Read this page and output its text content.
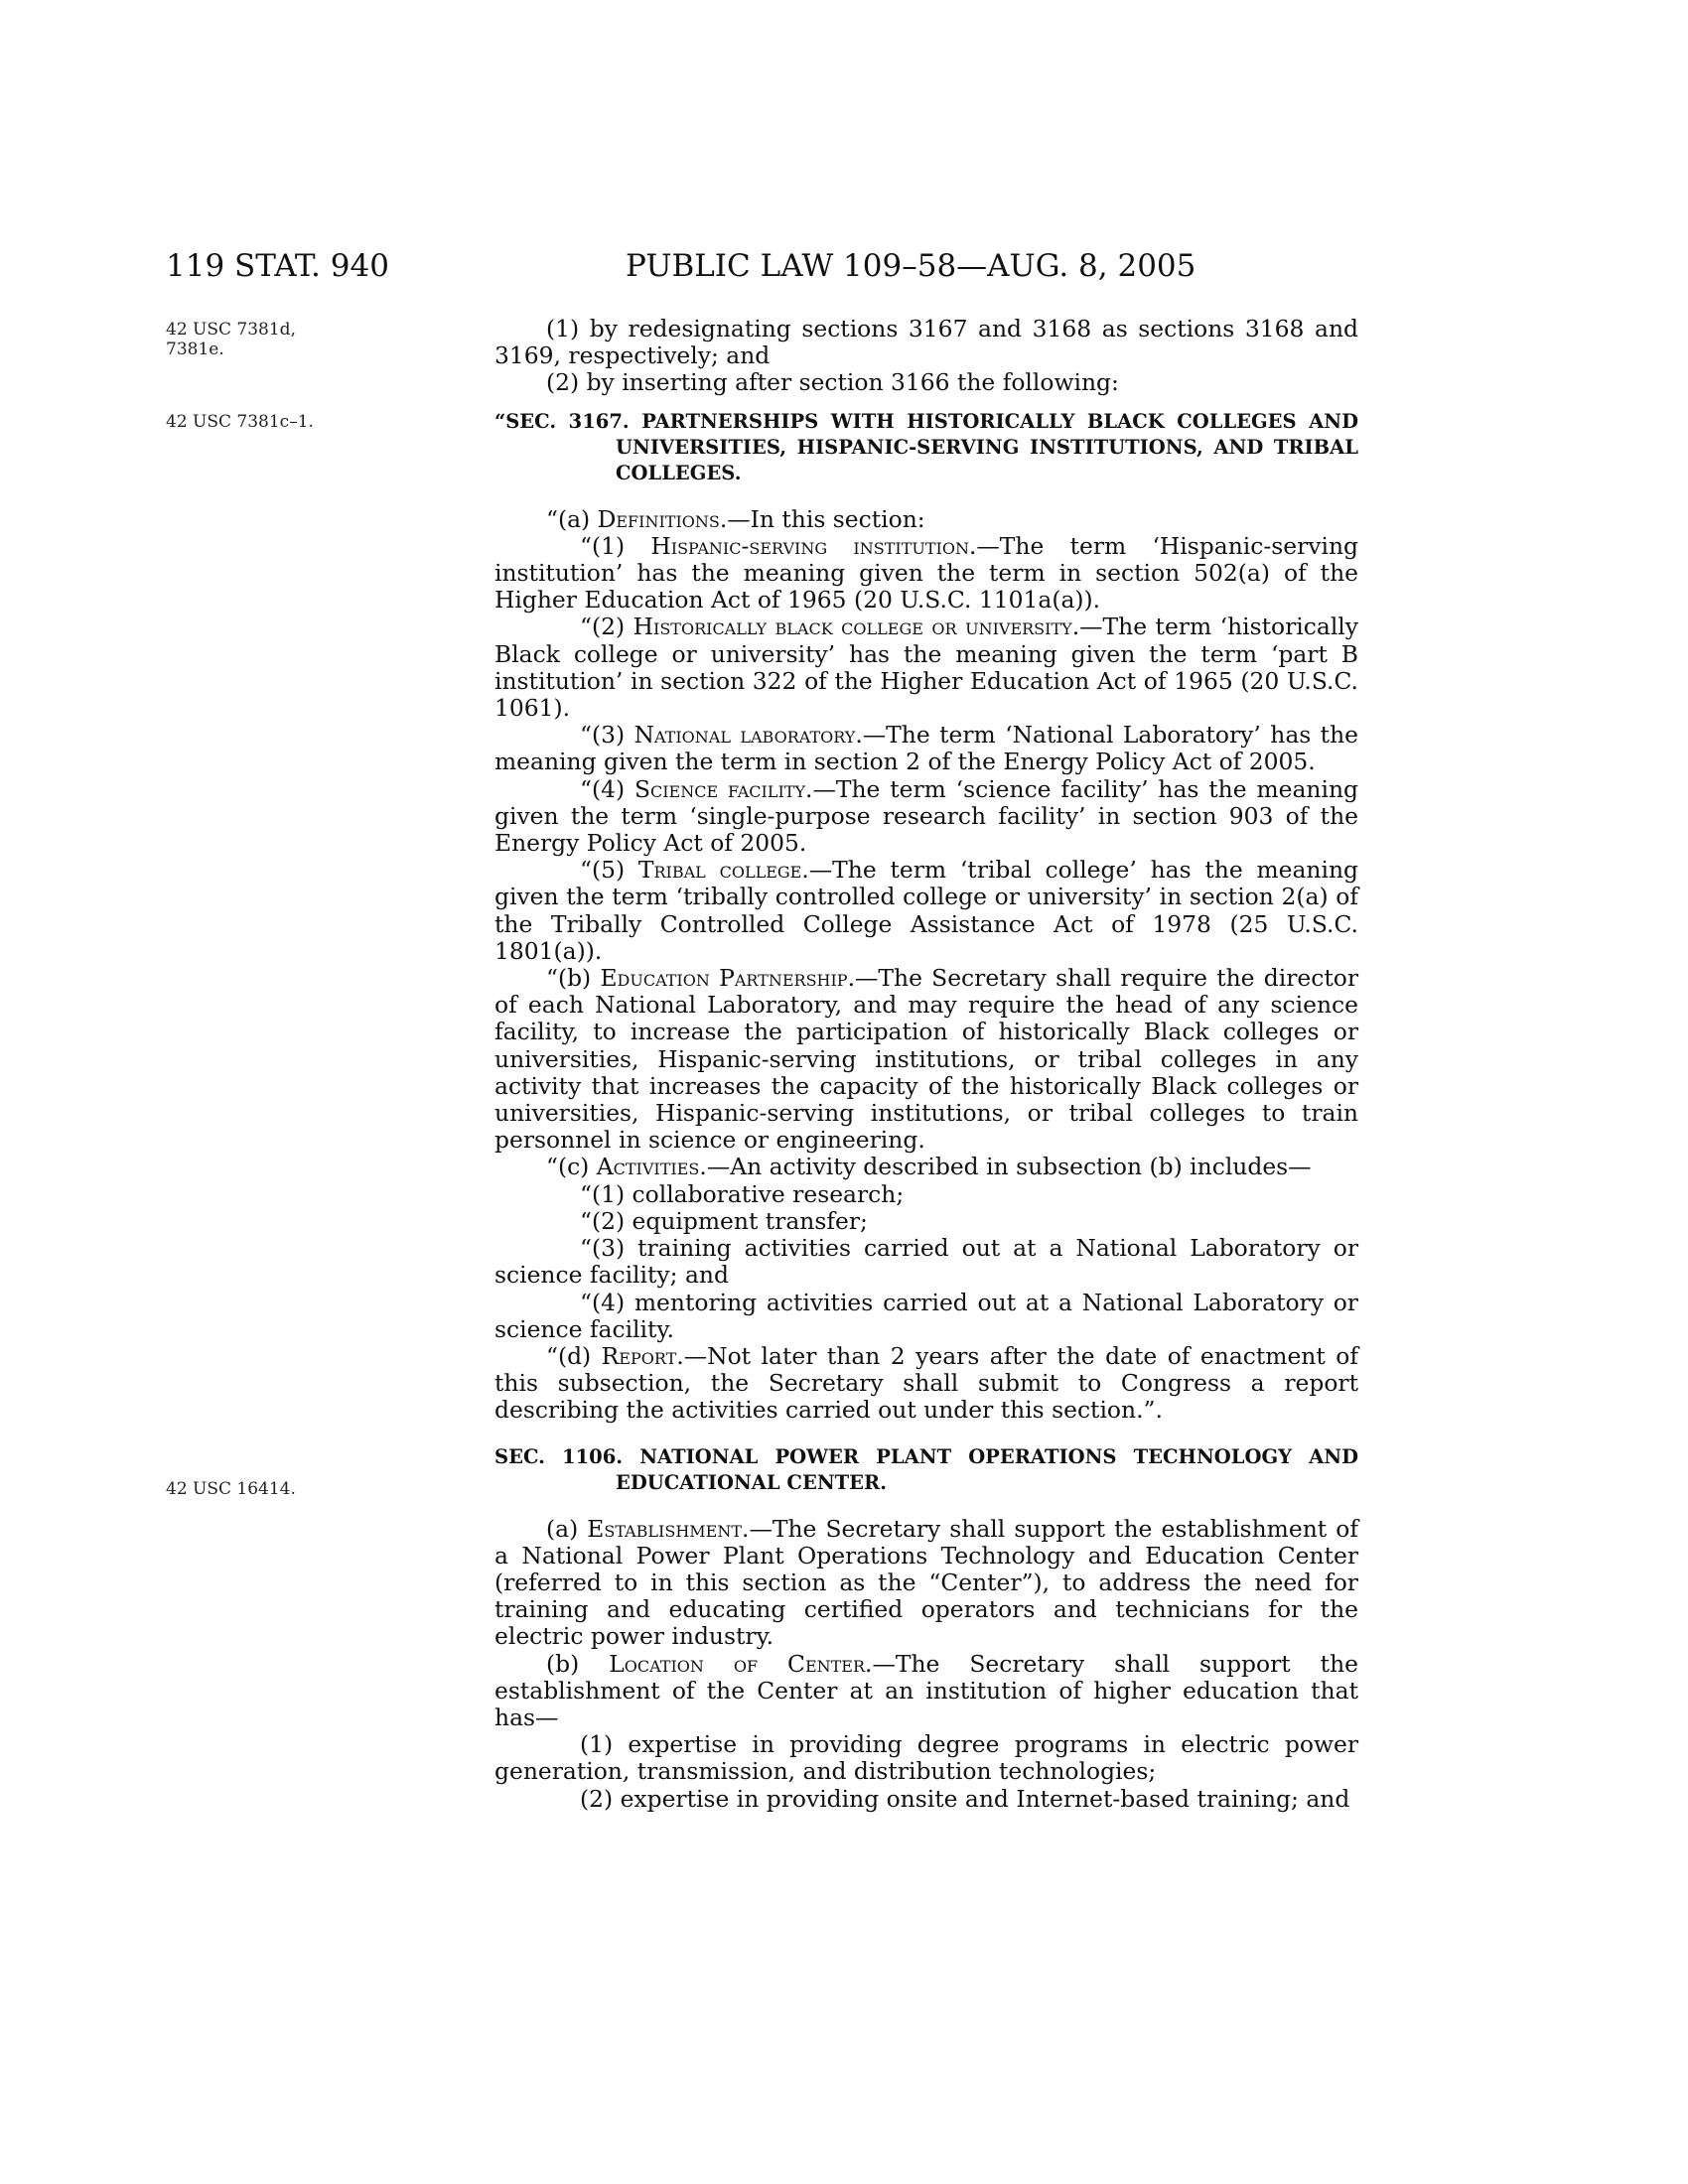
119 STAT. 940	PUBLIC LAW 109–58—AUG. 8, 2005
42 USC 7381d, 7381e.
42 USC 7381c–1.
42 USC 16414.

(1) by redesignating sections 3167 and 3168 as sections 3168 and 3169, respectively; and

(2) by inserting after section 3166 the following:

“SEC. 3167. PARTNERSHIPS WITH HISTORICALLY BLACK COLLEGES AND UNIVERSITIES, HISPANIC-SERVING INSTITUTIONS, AND TRIBAL COLLEGES.

“(a) Definitions.—In this section:

“(1) Hispanic-serving institution.—The term ‘Hispanic-serving institution’ has the meaning given the term in section 502(a) of the Higher Education Act of 1965 (20 U.S.C. 1101a(a)).

“(2) Historically black college or university.—The term ‘historically Black college or university’ has the meaning given the term ‘part B institution’ in section 322 of the Higher Education Act of 1965 (20 U.S.C. 1061).

“(3) National laboratory.—The term ‘National Laboratory’ has the meaning given the term in section 2 of the Energy Policy Act of 2005.

“(4) Science facility.—The term ‘science facility’ has the meaning given the term ‘single-purpose research facility’ in section 903 of the Energy Policy Act of 2005.

“(5) Tribal college.—The term ‘tribal college’ has the meaning given the term ‘tribally controlled college or university’ in section 2(a) of the Tribally Controlled College Assistance Act of 1978 (25 U.S.C. 1801(a)).

“(b) Education Partnership.—The Secretary shall require the director of each National Laboratory, and may require the head of any science facility, to increase the participation of historically Black colleges or universities, Hispanic-serving institutions, or tribal colleges in any activity that increases the capacity of the historically Black colleges or universities, Hispanic-serving institutions, or tribal colleges to train personnel in science or engineering.

“(c) Activities.—An activity described in subsection (b) includes—

“(1) collaborative research;

“(2) equipment transfer;

“(3) training activities carried out at a National Laboratory or science facility; and

“(4) mentoring activities carried out at a National Laboratory or science facility.

“(d) Report.—Not later than 2 years after the date of enactment of this subsection, the Secretary shall submit to Congress a report describing the activities carried out under this section.”.

SEC. 1106. NATIONAL POWER PLANT OPERATIONS TECHNOLOGY AND EDUCATIONAL CENTER.

(a) Establishment.—The Secretary shall support the establishment of a National Power Plant Operations Technology and Education Center (referred to in this section as the “Center”), to address the need for training and educating certified operators and technicians for the electric power industry.

(b) Location of Center.—The Secretary shall support the establishment of the Center at an institution of higher education that has—

(1) expertise in providing degree programs in electric power generation, transmission, and distribution technologies;

(2) expertise in providing onsite and Internet-based training; and
